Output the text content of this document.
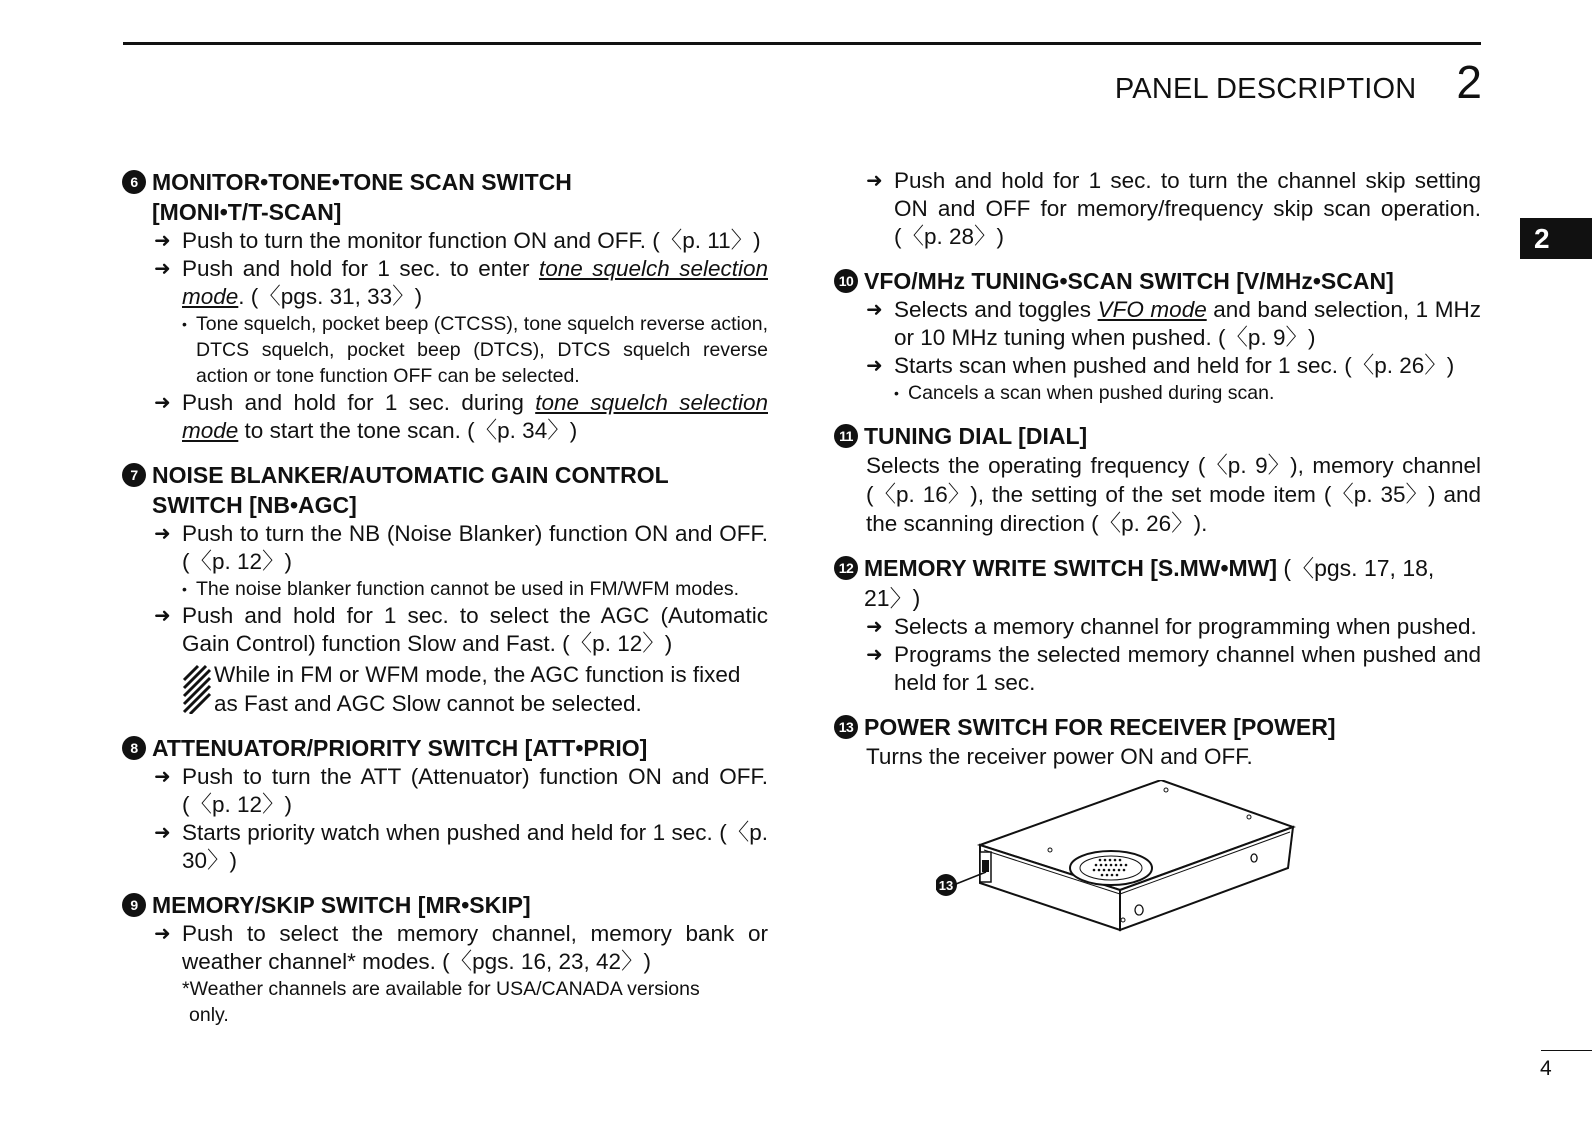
PANEL DESCRIPTION 2
2
6 MONITOR•TONE•TONE SCAN SWITCH
[MONI•T/T-SCAN]
➜ Push to turn the monitor function ON and OFF. (〈p. 11〉)
➜ Push and hold for 1 sec. to enter tone squelch selection mode. (〈pgs. 31, 33〉)
• Tone squelch, pocket beep (CTCSS), tone squelch reverse action, DTCS squelch, pocket beep (DTCS), DTCS squelch reverse action or tone function OFF can be selected.
➜ Push and hold for 1 sec. during tone squelch selection mode to start the tone scan. (〈p. 34〉)
7 NOISE BLANKER/AUTOMATIC GAIN CONTROL
SWITCH [NB•AGC]
➜ Push to turn the NB (Noise Blanker) function ON and OFF. (〈p. 12〉)
• The noise blanker function cannot be used in FM/WFM modes.
➜ Push and hold for 1 sec. to select the AGC (Automatic Gain Control) function Slow and Fast. (〈p. 12〉)
While in FM or WFM mode, the AGC function is ﬁxed as Fast and AGC Slow cannot be selected.
8 ATTENUATOR/PRIORITY SWITCH [ATT•PRIO]
➜ Push to turn the ATT (Attenuator) function ON and OFF. (〈p. 12〉)
➜ Starts priority watch when pushed and held for 1 sec. (〈p. 30〉)
9 MEMORY/SKIP SWITCH [MR•SKIP]
➜ Push to select the memory channel, memory bank or weather channel* modes. (〈pgs. 16, 23, 42〉)
*Weather channels are available for USA/CANADA versions
only.
➜ Push and hold for 1 sec. to turn the channel skip setting ON and OFF for memory/frequency skip scan operation. (〈p. 28〉)
10 VFO/MHz TUNING•SCAN SWITCH [V/MHz•SCAN]
➜ Selects and toggles VFO mode and band selection, 1 MHz or 10 MHz tuning when pushed. (〈p. 9〉)
➜ Starts scan when pushed and held for 1 sec. (〈p. 26〉)
• Cancels a scan when pushed during scan.
11 TUNING DIAL [DIAL]
Selects the operating frequency (〈p. 9〉), memory channel (〈p. 16〉), the setting of the set mode item (〈p. 35〉) and the scanning direction (〈p. 26〉).
12 MEMORY WRITE SWITCH [S.MW•MW] (〈pgs. 17, 18, 21〉)
➜ Selects a memory channel for programming when pushed.
➜ Programs the selected memory channel when pushed and held for 1 sec.
13 POWER SWITCH FOR RECEIVER [POWER]
Turns the receiver power ON and OFF.
13
4
